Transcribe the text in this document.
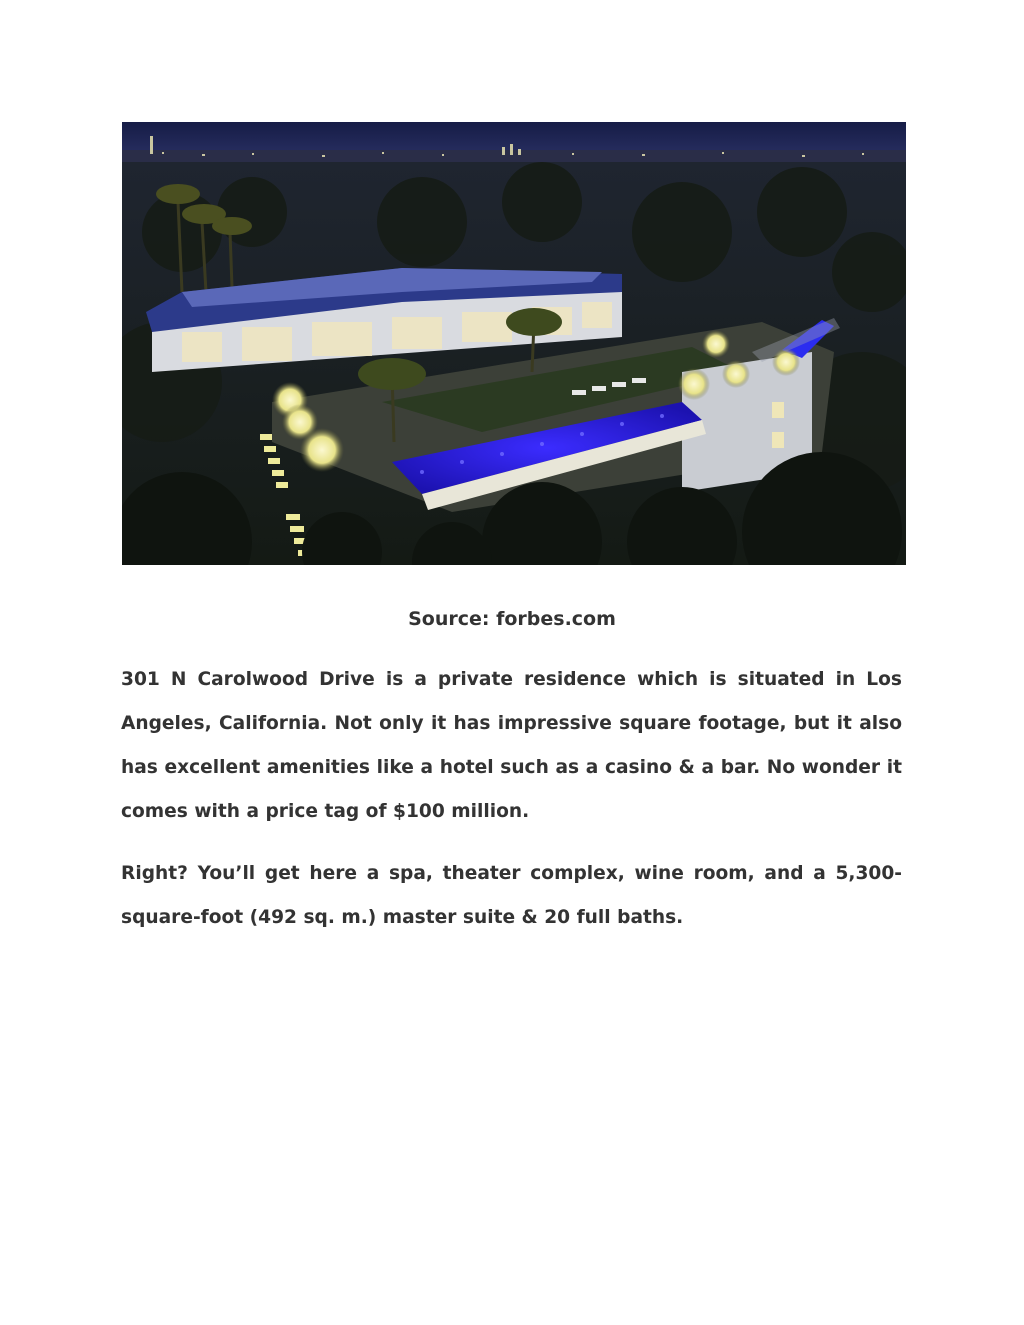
Source: forbes.com

301 N Carolwood Drive is a private residence which is situated in Los Angeles, California. Not only it has impressive square footage, but it also has excellent amenities like a hotel such as a casino & a bar. No wonder it comes with a price tag of $100 million.

Right? You’ll get here a spa, theater complex, wine room, and a 5,300-square-foot (492 sq. m.) master suite & 20 full baths.
